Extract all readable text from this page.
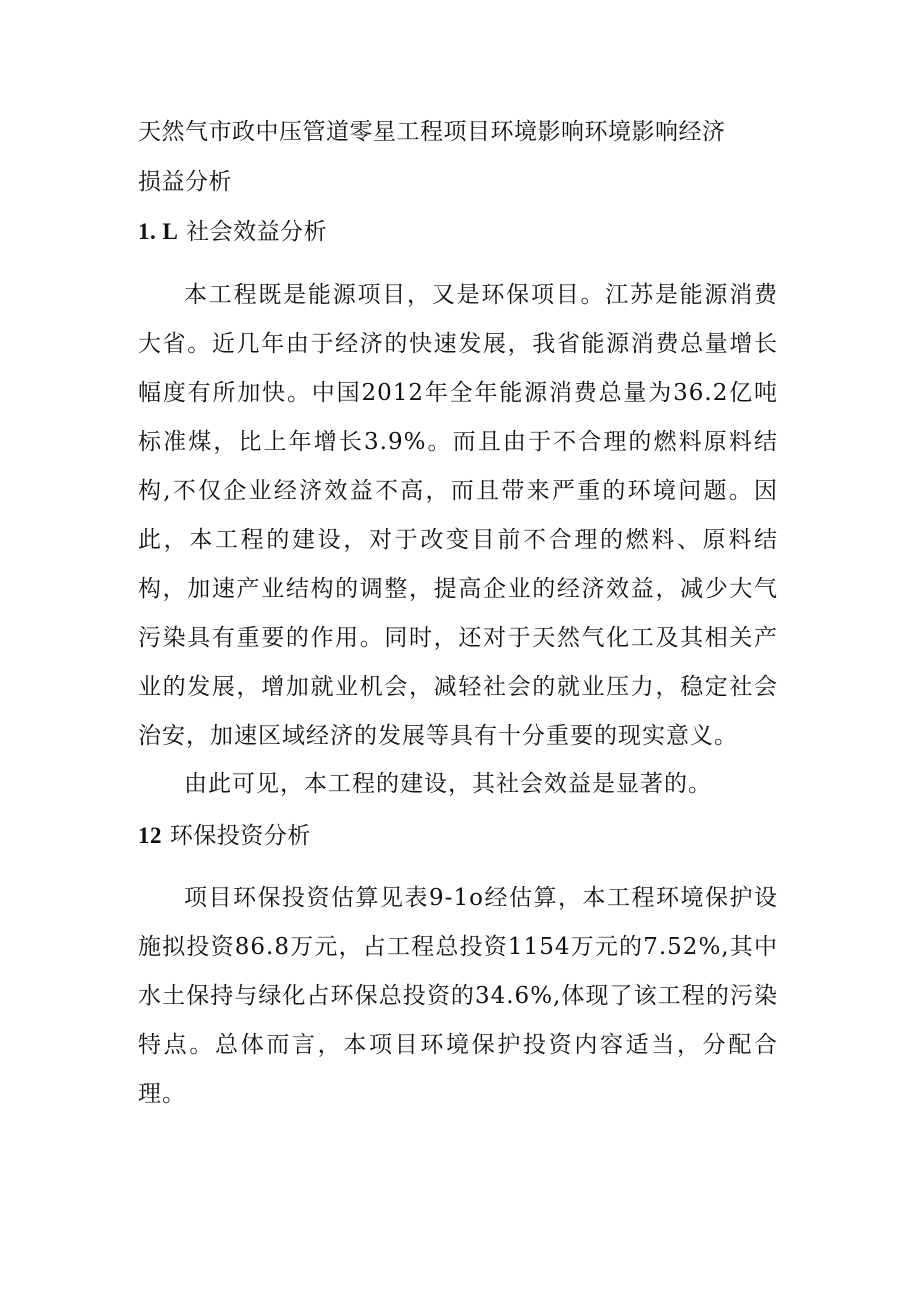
天然气市政中压管道零星工程项目环境影响环境影响经济
损益分析
1. L 社会效益分析

本工程既是能源项目，又是环保项目。江苏是能源消费大省。近几年由于经济的快速发展，我省能源消费总量增长幅度有所加快。中国2012年全年能源消费总量为36.2亿吨标准煤，比上年增长3.9%。而且由于不合理的燃料原料结构,不仅企业经济效益不高，而且带来严重的环境问题。因此，本工程的建设，对于改变目前不合理的燃料、原料结构，加速产业结构的调整，提高企业的经济效益，减少大气污染具有重要的作用。同时，还对于天然气化工及其相关产业的发展，增加就业机会，减轻社会的就业压力，稳定社会治安，加速区域经济的发展等具有十分重要的现实意义。

由此可见，本工程的建设，其社会效益是显著的。

12 环保投资分析

项目环保投资估算见表9-1o经估算，本工程环境保护设施拟投资86.8万元，占工程总投资1154万元的7.52%,其中水土保持与绿化占环保总投资的34.6%,体现了该工程的污染特点。总体而言，本项目环境保护投资内容适当，分配合理。
